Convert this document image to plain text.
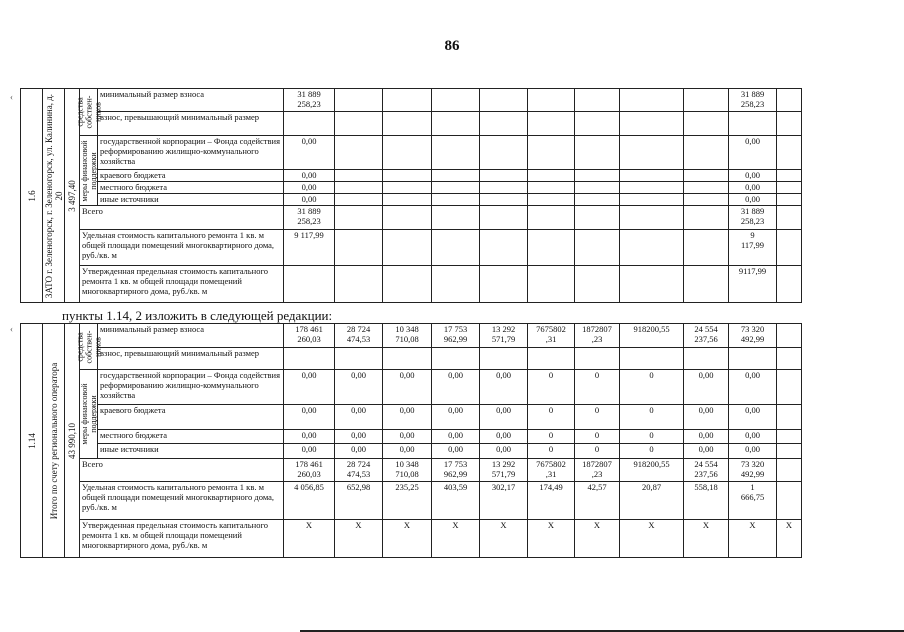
86
‹
‹
1.6	ЗАТО г. Зеленогорск, г. Зеленогорск, ул. Калинина, д. 20	3 497,40	средства собствен-ников	минимальный размер взноса	31 889
258,23									31 889
258,23	
				взнос, превышающий минимальный размер											

			меры финансовой поддержки	государственной корпорации – Фонда содействия реформированию жилищно-коммунального хозяйства	0,00									0,00	
				краевого бюджета	0,00									0,00	
				местного бюджета	0,00									0,00	
				иные источники	0,00									0,00	
			Всего		31 889
258,23									31 889
258,23	
			Удельная стоимость капитального ремонта 1 кв. м общей площади помещений многоквартирного дома, руб./кв. м		9 117,99									9
117,99	
			Утвержденная предельная стоимость капитального ремонта 1 кв. м общей площади помещений многоквартирного дома, руб./кв. м											9117,99	
пункты 1.14, 2 изложить в следующей редакции:
1.14	Итого по счету регионального оператора	43 990,10	средства собствен-ников	минимальный размер взноса	178 461
260,03	28 724
474,53	10 348
710,08	17 753
962,99	13 292
571,79	7675802
,31	1872807
,23	918200,55	24 554
237,56	73 320
492,99	
				взнос, превышающий минимальный размер											

			меры финансовой поддержки	государственной корпорации – Фонда содействия реформированию жилищно-коммунального хозяйства	0,00	0,00	0,00	0,00	0,00	0	0	0	0,00	0,00	
				краевого бюджета	0,00	0,00	0,00	0,00	0,00	0	0	0	0,00	0,00	
				местного бюджета	0,00	0,00	0,00	0,00	0,00	0	0	0	0,00	0,00	
				иные источники	0,00	0,00	0,00	0,00	0,00	0	0	0	0,00	0,00	
			Всего		178 461
260,03	28 724
474,53	10 348
710,08	17 753
962,99	13 292
571,79	7675802
,31	1872807
,23	918200,55	24 554
237,56	73 320
492,99	
			Удельная стоимость капитального ремонта 1 кв. м общей площади помещений многоквартирного дома, руб./кв. м		4 056,85	652,98	235,25	403,59	302,17	174,49	42,57	20,87	558,18	1
666,75	
			Утвержденная предельная стоимость капитального ремонта 1 кв. м общей площади помещений многоквартирного дома, руб./кв. м		X	X	X	X	X	X	X	X	X	X	X
